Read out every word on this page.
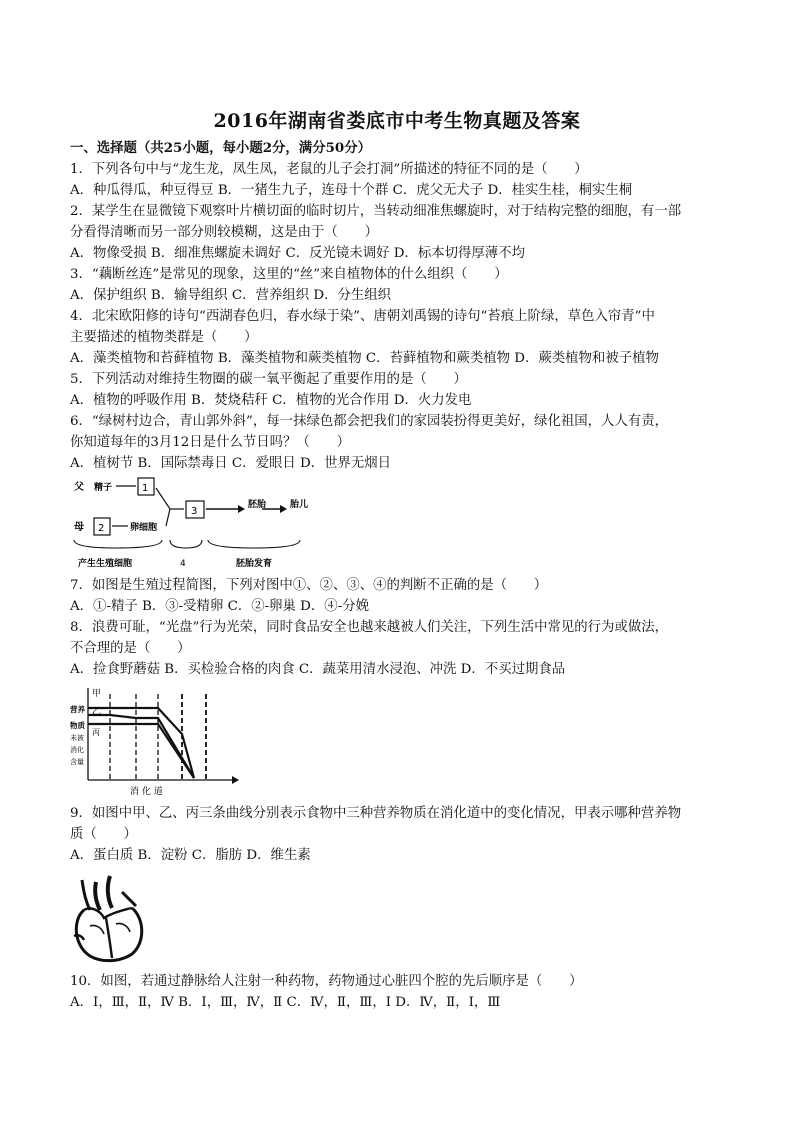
2016年湖南省娄底市中考生物真题及答案
一、选择题（共25小题，每小题2分，满分50分）
1．下列各句中与“龙生龙，凤生凤，老鼠的儿子会打洞”所描述的特征不同的是（　　）
A．种瓜得瓜，种豆得豆 B．一猪生九子，连母十个群 C．虎父无犬子 D．桂实生桂，桐实生桐
2．某学生在显微镜下观察叶片横切面的临时切片，当转动细准焦螺旋时，对于结构完整的细胞，有一部
分看得清晰而另一部分则较模糊，这是由于（　　）
A．物像受损 B．细准焦螺旋未调好 C．反光镜未调好 D．标本切得厚薄不均
3．“藕断丝连”是常见的现象，这里的“丝”来自植物体的什么组织（　　）
A．保护组织 B．输导组织 C．营养组织 D．分生组织
4．北宋欧阳修的诗句“西湖春色归，春水绿于染”、唐朝刘禹锡的诗句“苔痕上阶绿，草色入帘青”中
主要描述的植物类群是（　　）
A．藻类植物和苔藓植物 B．藻类植物和蕨类植物 C．苔藓植物和蕨类植物 D．蕨类植物和被子植物
5．下列活动对维持生物圈的碳一氧平衡起了重要作用的是（　　）
A．植物的呼吸作用 B．焚烧秸秆 C．植物的光合作用 D．火力发电
6．“绿树村边合，青山郭外斜”，每一抹绿色都会把我们的家园装扮得更美好，绿化祖国，人人有责，
你知道每年的3月12日是什么节日吗？（　　）
A．植树节 B．国际禁毒日 C．爱眼日 D．世界无烟日
父 精子	1
母 2	卵细胞
3
胚胎	胎儿
产生生殖细胞	4	胚胎发育
7．如图是生殖过程简图，下列对图中①、②、③、④的判断不正确的是（　　）
A．①-精子 B．③-受精卵 C．②-卵巢 D．④-分娩
8．浪费可耻，“光盘”行为光荣，同时食品安全也越来越被人们关注，下列生活中常见的行为或做法，
不合理的是（　　）
A．捡食野蘑菇 B．买检验合格的肉食 C．蔬菜用清水浸泡、冲洗 D．不买过期食品
甲
乙
丙
营养
物质
未被
消化
含量
消 化 道
9．如图中甲、乙、丙三条曲线分别表示食物中三种营养物质在消化道中的变化情况，甲表示哪种营养物
质（　　）
A．蛋白质 B．淀粉 C．脂肪 D．维生素
10．如图，若通过静脉给人注射一种药物，药物通过心脏四个腔的先后顺序是（　　）
A．Ⅰ，Ⅲ，Ⅱ，Ⅳ B．Ⅰ，Ⅲ，Ⅳ，Ⅱ C．Ⅳ，Ⅱ，Ⅲ，Ⅰ D．Ⅳ，Ⅱ，Ⅰ，Ⅲ
